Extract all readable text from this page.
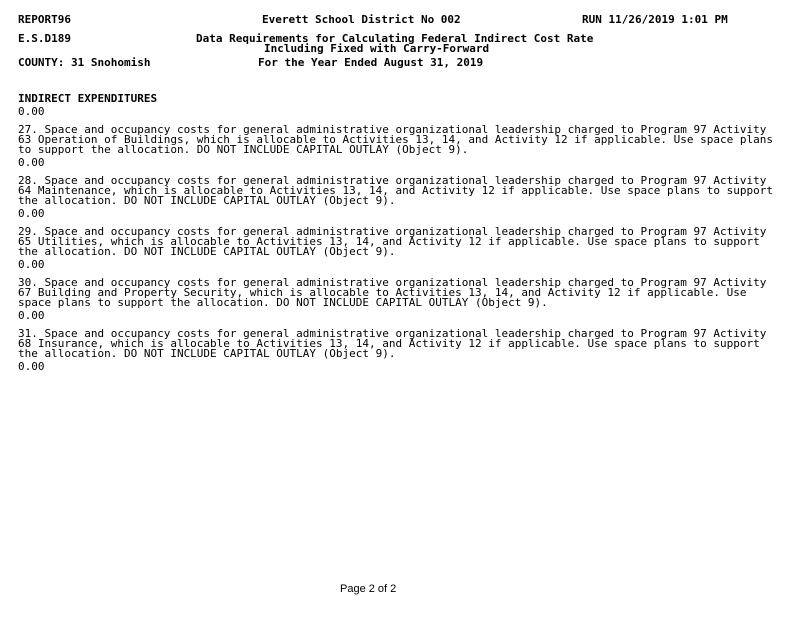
REPORT96	Everett School District No 002	RUN 11/26/2019 1:01 PM
E.S.D189	Data Requirements for Calculating Federal Indirect Cost Rate
Including Fixed with Carry-Forward
COUNTY: 31 Snohomish	For the Year Ended August 31, 2019
INDIRECT EXPENDITURES
0.00
27. Space and occupancy costs for general administrative organizational leadership charged to Program 97 Activity 63 Operation of Buildings, which is allocable to Activities 13, 14, and Activity 12 if applicable. Use space plans to support the allocation. DO NOT INCLUDE CAPITAL OUTLAY (Object 9).
0.00
28. Space and occupancy costs for general administrative organizational leadership charged to Program 97 Activity 64 Maintenance, which is allocable to Activities 13, 14, and Activity 12 if applicable. Use space plans to support the allocation. DO NOT INCLUDE CAPITAL OUTLAY (Object 9).
0.00
29. Space and occupancy costs for general administrative organizational leadership charged to Program 97 Activity 65 Utilities, which is allocable to Activities 13, 14, and Activity 12 if applicable. Use space plans to support the allocation. DO NOT INCLUDE CAPITAL OUTLAY (Object 9).
0.00
30. Space and occupancy costs for general administrative organizational leadership charged to Program 97 Activity 67 Building and Property Security, which is allocable to Activities 13, 14, and Activity 12 if applicable. Use space plans to support the allocation. DO NOT INCLUDE CAPITAL OUTLAY (Object 9).
0.00
31. Space and occupancy costs for general administrative organizational leadership charged to Program 97 Activity 68 Insurance, which is allocable to Activities 13, 14, and Activity 12 if applicable. Use space plans to support the allocation. DO NOT INCLUDE CAPITAL OUTLAY (Object 9).
0.00
Page 2 of 2
